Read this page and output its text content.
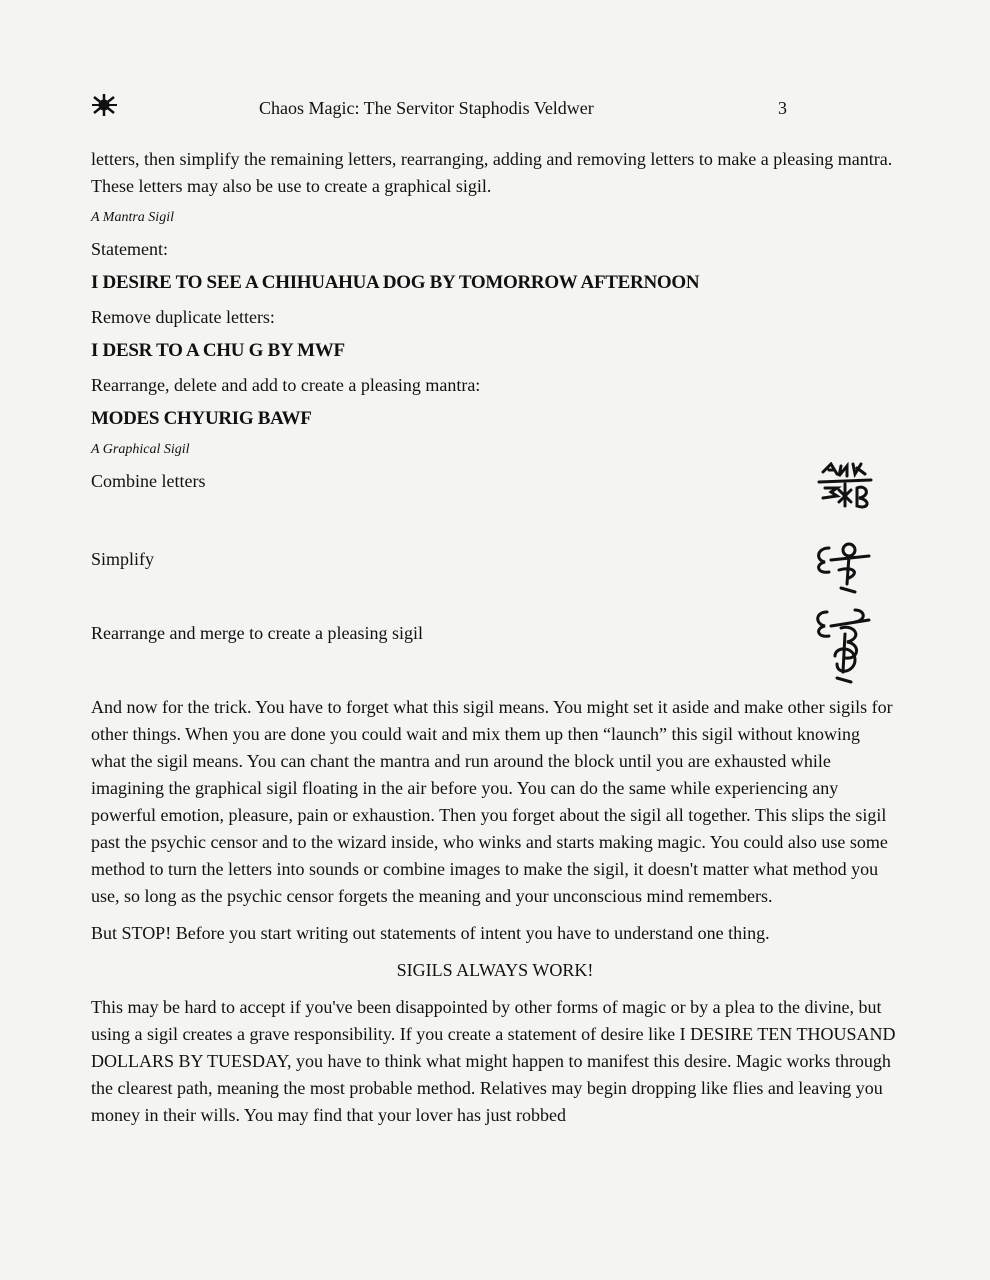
Chaos Magic: The Servitor Staphodis Veldwer	3

letters, then simplify the remaining letters, rearranging, adding and removing letters to make a pleasing mantra. These letters may also be use to create a graphical sigil.

A Mantra Sigil

Statement:

I DESIRE TO SEE A CHIHUAHUA DOG BY TOMORROW AFTERNOON

Remove duplicate letters:

I DESR TO A CHU G BY MWF

Rearrange, delete and add to create a pleasing mantra:

MODES CHYURIG BAWF

A Graphical Sigil

Combine letters
Simplify
Rearrange and merge to create a pleasing sigil

And now for the trick. You have to forget what this sigil means. You might set it aside and make other sigils for other things. When you are done you could wait and mix them up then “launch” this sigil without knowing what the sigil means. You can chant the mantra and run around the block until you are exhausted while imagining the graphical sigil floating in the air before you. You can do the same while experiencing any powerful emotion, pleasure, pain or exhaustion. Then you forget about the sigil all together. This slips the sigil past the psychic censor and to the wizard inside, who winks and starts making magic. You could also use some method to turn the letters into sounds or combine images to make the sigil, it doesn't matter what method you use, so long as the psychic censor forgets the meaning and your unconscious mind remembers.

But STOP! Before you start writing out statements of intent you have to understand one thing.

SIGILS ALWAYS WORK!

This may be hard to accept if you've been disappointed by other forms of magic or by a plea to the divine, but using a sigil creates a grave responsibility. If you create a statement of desire like I DESIRE TEN THOUSAND DOLLARS BY TUESDAY, you have to think what might happen to manifest this desire. Magic works through the clearest path, meaning the most probable method. Relatives may begin dropping like flies and leaving you money in their wills. You may find that your lover has just robbed
